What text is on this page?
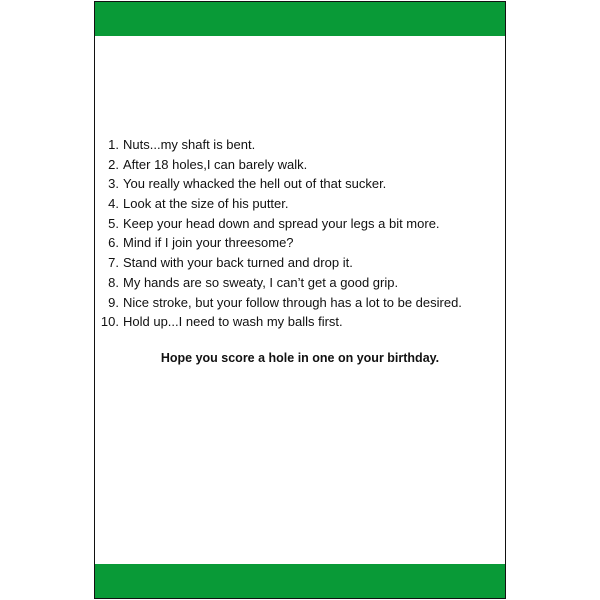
1. Nuts...my shaft is bent.
2. After 18 holes,I can barely walk.
3. You really whacked the hell out of that sucker.
4. Look at the size of his putter.
5. Keep your head down and spread your legs a bit more.
6. Mind if I join your threesome?
7. Stand with your back turned and drop it.
8. My hands are so sweaty, I can’t get a good grip.
9. Nice stroke, but your follow through has a lot to be desired.
10. Hold up...I need to wash my balls first.
Hope you score a hole in one on your birthday.
